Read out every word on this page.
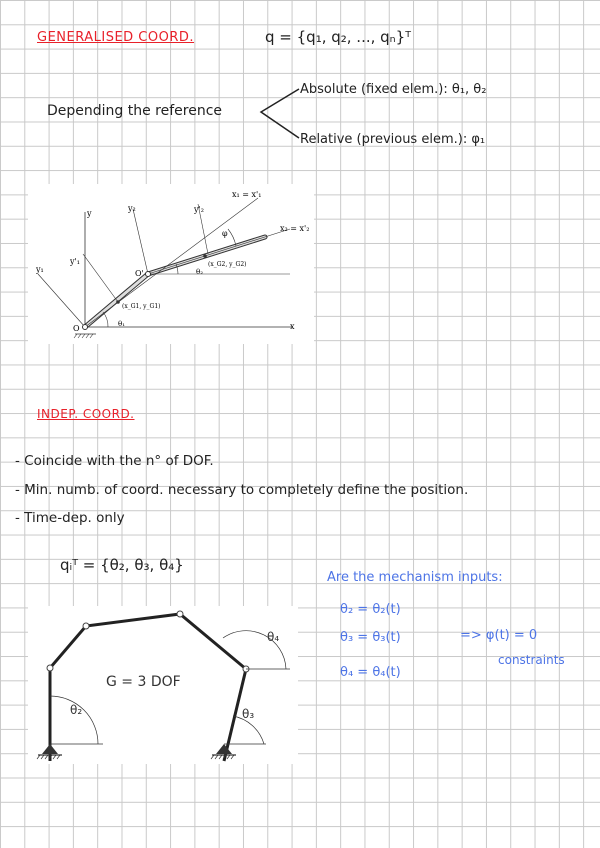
GENERALISED COORD.	q = {q₁, q₂, ..., qₙ}ᵀ
Depending the reference
Absolute (fixed elem.): θ₁, θ₂
Relative (previous elem.): φ₁
x₁ = x'₁
x₂ = x'₂
y
y₂	y'₂
y₁
y'₁
φ
O'
O	x
θ₁
θ₂
(x_G1, y_G1)
(x_G2, y_G2)
INDEP. COORD.
- Coincide with the n° of DOF.
- Min. numb. of coord. necessary to completely define the position.
- Time-dep. only
qᵢᵀ = {θ₂, θ₃, θ₄}
G = 3 DOF
θ₂	θ₃
θ₄
Are the mechanism inputs:
θ₂ = θ₂(t)
θ₃ = θ₃(t)
θ₄ = θ₄(t)
=> φ(t) = 0
constraints
